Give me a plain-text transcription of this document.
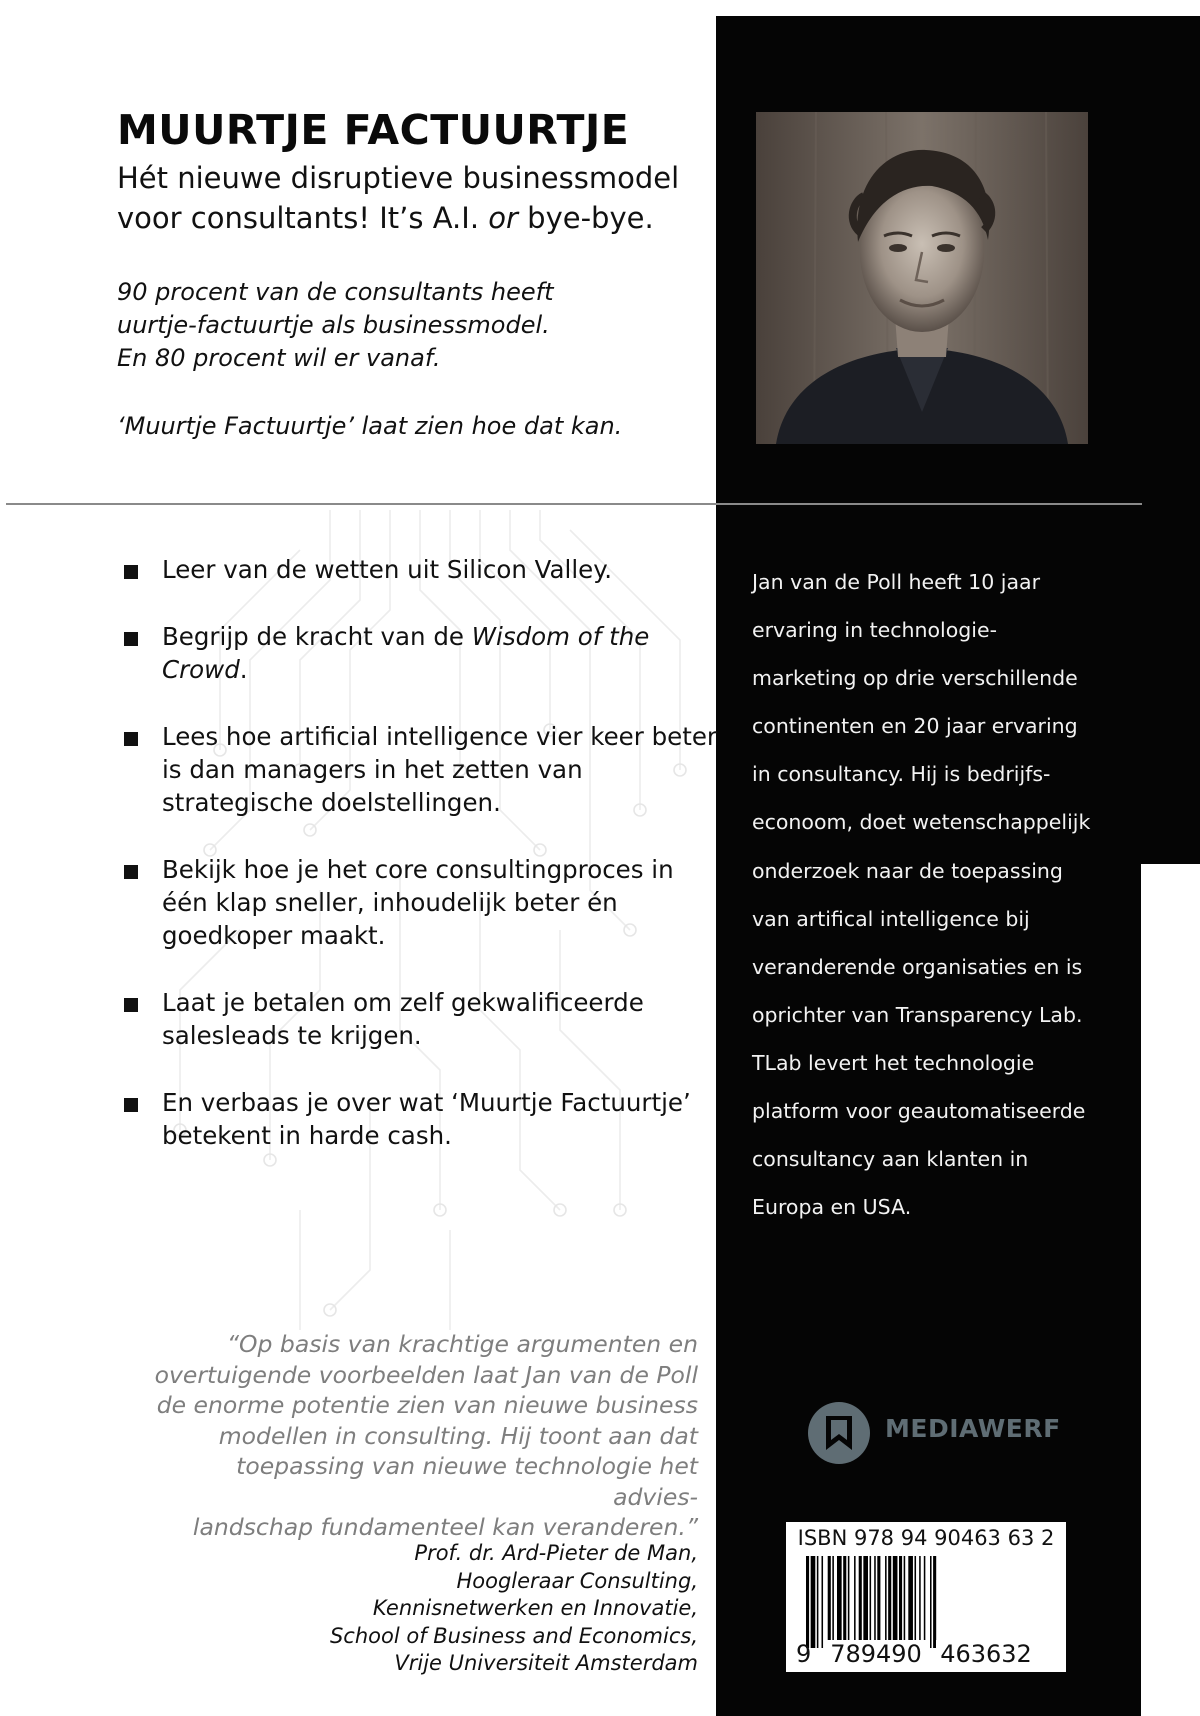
MUURTJE FACTUURTJE
Hét nieuwe disruptieve businessmodel
voor consultants! It’s A.I. or bye-bye.

90 procent van de consultants heeft
uurtje-factuurtje als businessmodel.
En 80 procent wil er vanaf.

‘Muurtje Factuurtje’ laat zien hoe dat kan.

Leer van de wetten uit Silicon Valley.
Begrijp de kracht van de Wisdom of the Crowd.
Lees hoe artificial intelligence vier keer beter is dan managers in het zetten van strategische doelstellingen.
Bekijk hoe je het core consultingproces in één klap sneller, inhoudelijk beter én goedkoper maakt.
Laat je betalen om zelf gekwalificeerde salesleads te krijgen.
En verbaas je over wat ‘Muurtje Factuurtje’ betekent in harde cash.

Jan van de Poll heeft 10 jaar
ervaring in technologie-
marketing op drie verschillende
continenten en 20 jaar ervaring
in consultancy. Hij is bedrijfs-
econoom, doet wetenschappelijk
onderzoek naar de toepassing
van artifical intelligence bij
veranderende organisaties en is
oprichter van Transparency Lab.
TLab levert het technologie
platform voor geautomatiseerde
consultancy aan klanten in
Europa en USA.

“Op basis van krachtige argumenten en
overtuigende voorbeelden laat Jan van de Poll
de enorme potentie zien van nieuwe business
modellen in consulting. Hij toont aan dat
toepassing van nieuwe technologie het advies-
landschap fundamenteel kan veranderen.”

Prof. dr. Ard-Pieter de Man,
Hoogleraar Consulting,
Kennisnetwerken en Innovatie,
School of Business and Economics,
Vrije Universiteit Amsterdam

MEDIAWERF

ISBN 978 94 90463 63 2

9 789490 463632
